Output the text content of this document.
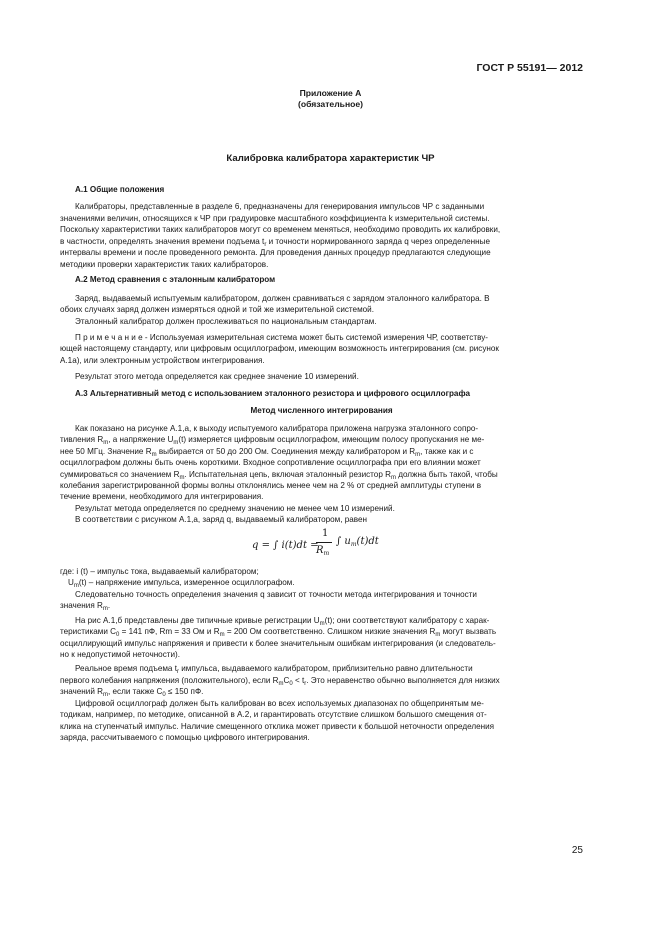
ГОСТ Р 55191— 2012
Приложение А
(обязательное)
Калибровка калибратора характеристик ЧР

А.1 Общие положения

Калибраторы, представленные в разделе 6, предназначены для генерирования импульсов ЧР с заданными

значениями величин, относящихся к ЧР при градуировке масштабного коэффициента k измерительной системы.

Поскольку характеристики таких калибраторов могут со временем меняться, необходимо проводить их калибровки,

в частности, определять значения времени подъема $t_r$ и точности нормированного заряда q через определенные

интервалы времени и после проведенного ремонта. Для проведения данных процедур предлагаются следующие

методики проверки характеристик таких калибраторов.

А.2 Метод сравнения с эталонным калибратором

Заряд, выдаваемый испытуемым калибратором, должен сравниваться с зарядом эталонного калибратора. В

обоих случаях заряд должен измеряться одной и той же измерительной системой.

Эталонный калибратор должен прослеживаться по национальным стандартам.

П р и м е ч а н и е - Используемая измерительная система может быть системой измерения ЧР, соответству-

ющей настоящему стандарту, или цифровым осциллографом, имеющим возможность интегрирования (см. рисунок

А.1а), или электронным устройством интегрирования.

Результат этого метода определяется как среднее значение 10 измерений.

А.3 Альтернативный метод с использованием эталонного резистора и цифрового осциллографа

Метод численного интегрирования

Как показано на рисунке А.1,а, к выходу испытуемого калибратора приложена нагрузка эталонного сопро-

тивления $R_m$, а напряжение $U_m(t)$ измеряется цифровым осциллографом, имеющим полосу пропускания не ме-

нее 50 МГц. Значение $R_m$ выбирается от 50 до 200 Ом. Соединения между калибратором и $R_m$, также как и с

осциллографом должны быть очень короткими. Входное сопротивление осциллографа при его влиянии может

суммироваться со значением $R_m$. Испытательная цепь, включая эталонный резистор $R_m$ должна быть такой, чтобы

колебания зарегистрированной формы волны отклонялись менее чем на 2 % от средней амплитуды ступени в

течение времени, необходимого для интегрирования.

Результат метода определяется по среднему значению не менее чем 10 измерений.

В соответствии с рисунком А.1,а, заряд q, выдаваемый калибратором, равен

q = ∫ i(t)dt =
1
$R_m$
∫ $u_m(t)dt$

где: i (t) – импульс тока, выдаваемый калибратором;

$U_m(t)$ – напряжение импульса, измеренное осциллографом.

Следовательно точность определения значения q зависит от точности метода интегрирования и точности

значения $R_m$.

На рис А.1,б представлены две типичные кривые регистрации $U_m(t)$; они соответствуют калибратору с харак-

теристиками $C_0 = 141$ пФ, Rm = 33 Ом и $R_m = 200$ Ом соответственно. Слишком низкие значения $R_m$ могут вызвать

осциллирующий импульс напряжения и привести к более значительным ошибкам интегрирования (и следователь-

но к недопустимой неточности).

Реальное время подъема $t_r$ импульса, выдаваемого калибратором, приблизительно равно длительности

первого колебания напряжения (положительного), если $R_mC_0 < t_r$. Это неравенство обычно выполняется для низких

значений $R_m$, если также $C_0 \le 150$ пФ.

Цифровой осциллограф должен быть калиброван во всех используемых диапазонах по общепринятым ме-

тодикам, например, по методике, описанной в А.2, и гарантировать отсутствие слишком большого смещения от-

клика на ступенчатый импульс. Наличие смещенного отклика может привести к большой неточности определения

заряда, рассчитываемого с помощью цифрового интегрирования.

25
